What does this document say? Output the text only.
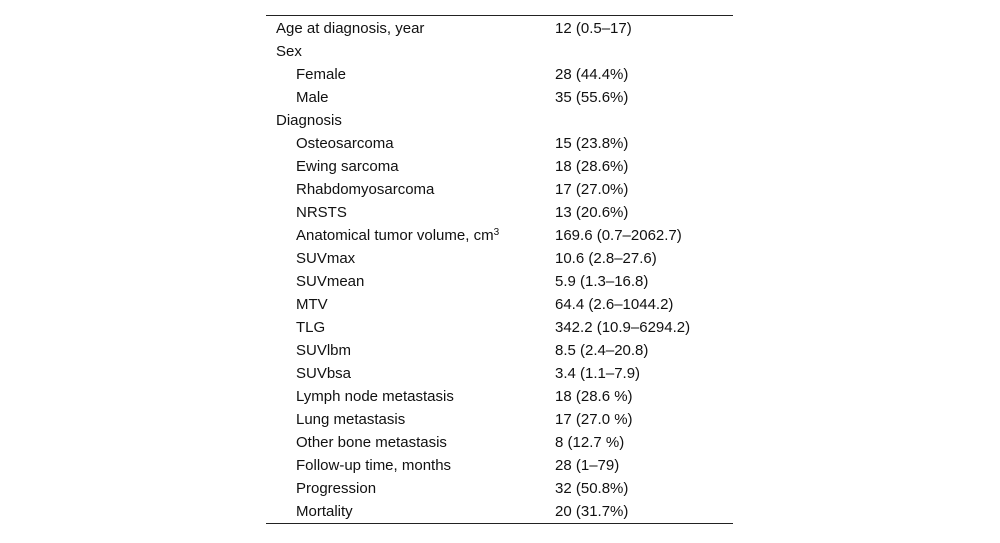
Age at diagnosis, year	12 (0.5–17)
Sex	
Female	28 (44.4%)
Male	35 (55.6%)
Diagnosis	
Osteosarcoma	15 (23.8%)
Ewing sarcoma	18 (28.6%)
Rhabdomyosarcoma	17 (27.0%)
NRSTS	13 (20.6%)
Anatomical tumor volume, $cm^3$	169.6 (0.7–2062.7)
SUVmax	10.6 (2.8–27.6)
SUVmean	5.9 (1.3–16.8)
MTV	64.4 (2.6–1044.2)
TLG	342.2 (10.9–6294.2)
SUVlbm	8.5 (2.4–20.8)
SUVbsa	3.4 (1.1–7.9)
Lymph node metastasis	18 (28.6 %)
Lung metastasis	17 (27.0 %)
Other bone metastasis	8 (12.7 %)
Follow-up time, months	28 (1–79)
Progression	32 (50.8%)
Mortality	20 (31.7%)
